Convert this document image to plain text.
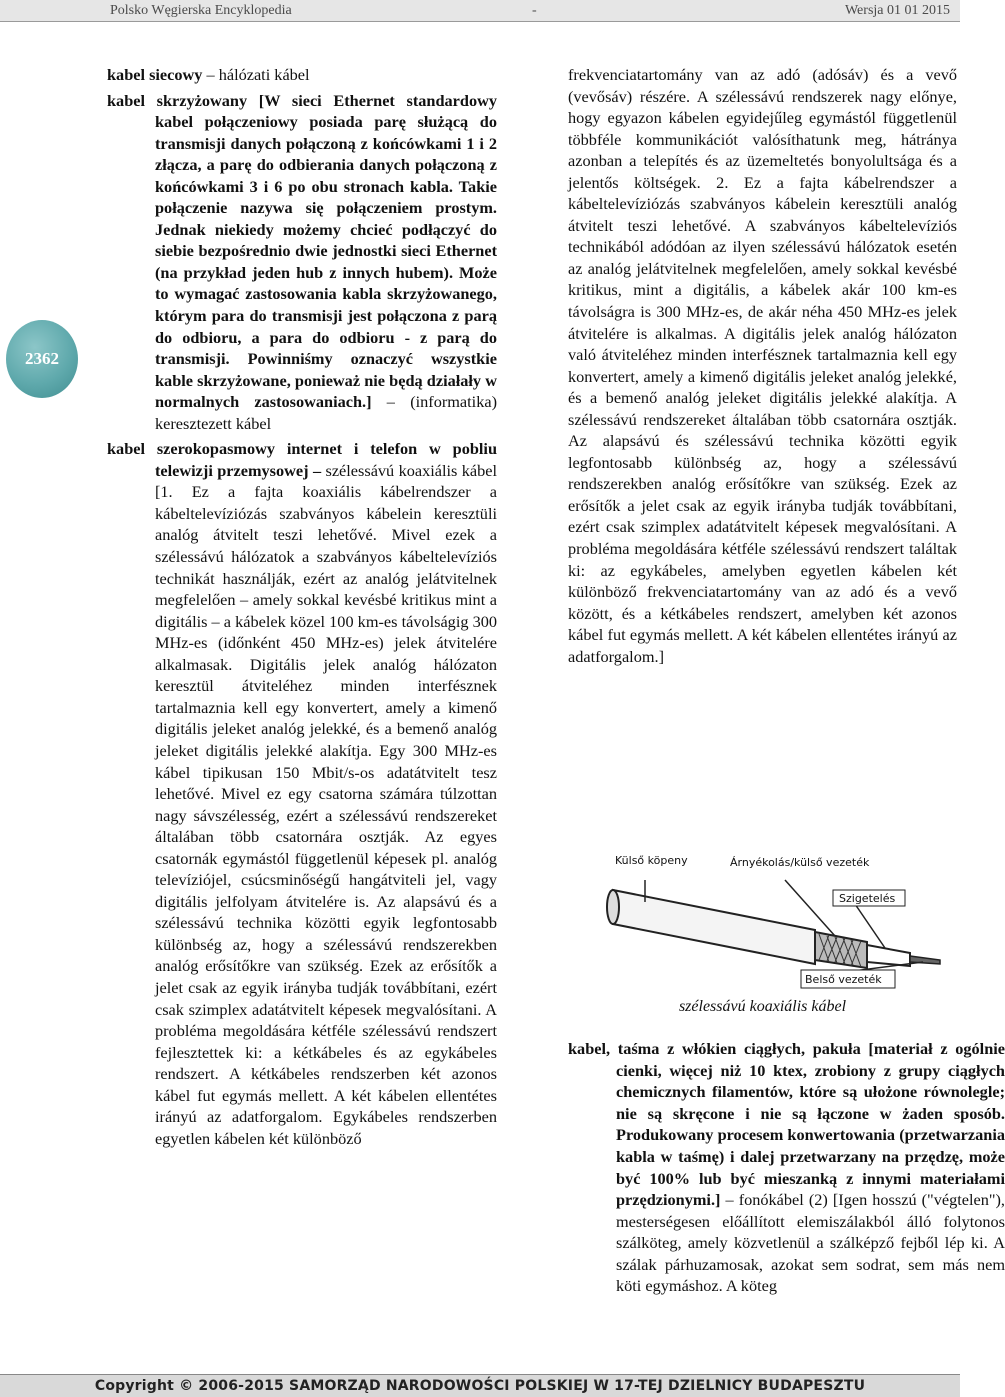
Polsko Węgierska Encyklopedia	-	Wersja 01 01 2015
2362

kabel siecowy – hálózati kábel

kabel skrzyżowany [W sieci Ethernet standardowy kabel połączeniowy posiada parę służącą do transmisji danych połączoną z końcówkami 1 i 2 złącza, a parę do odbierania danych połączoną z końcówkami 3 i 6 po obu stronach kabla. Takie połączenie nazywa się połączeniem prostym. Jednak niekiedy możemy chcieć podłączyć do siebie bezpośrednio dwie jednostki sieci Ethernet (na przykład jeden hub z innych hubem). Może to wymagać zastosowania kabla skrzyżowanego, którym para do transmisji jest połączona z parą do odbioru, a para do odbioru - z parą do transmisji. Powinniśmy oznaczyć wszystkie kable skrzyżowane, ponieważ nie będą działały w normalnych zastosowaniach.] – (informatika) keresztezett kábel

kabel szerokopasmowy internet i telefon w pobliu telewizji przemysowej – szélessávú koaxiális kábel [1. Ez a fajta koaxiális kábelrendszer a kábeltelevíziózás szabványos kábelein keresztüli analóg átvitelt teszi lehetővé. Mivel ezek a szélessávú hálózatok a szabványos kábeltelevíziós technikát használják, ezért az analóg jelátvitelnek megfelelően – amely sokkal kevésbé kritikus mint a digitális – a kábelek közel 100 km-es távolságig 300 MHz-es (időnként 450 MHz-es) jelek átvitelére alkalmasak. Digitális jelek analóg hálózaton keresztül átviteléhez minden interfésznek tartalmaznia kell egy konvertert, amely a kimenő digitális jeleket analóg jelekké, és a bemenő analóg jeleket digitális jelekké alakítja. Egy 300 MHz-es kábel tipikusan 150 Mbit/s-os adatátvitelt tesz lehetővé. Mivel ez egy csatorna számára túlzottan nagy sávszélesség, ezért a szélessávú rendszereket általában több csatornára osztják. Az egyes csatornák egymástól függetlenül képesek pl. analóg televíziójel, csúcsminőségű hangátviteli jel, vagy digitális jelfolyam átvitelére is. Az alapsávú és a szélessávú technika közötti egyik legfontosabb különbség az, hogy a szélessávú rendszerekben analóg erősítőkre van szükség. Ezek az erősítők a jelet csak az egyik irányba tudják továbbítani, ezért csak szimplex adatátvitelt képesek megvalósítani. A probléma megoldására kétféle szélessávú rendszert fejlesztettek ki: a kétkábeles és az egykábeles rendszert. A kétkábeles rendszerben két azonos kábel fut egymás mellett. A két kábelen ellentétes irányú az adatforgalom. Egykábeles rendszerben egyetlen kábelen két különböző

frekvenciatartomány van az adó (adósáv) és a vevő (vevősáv) részére. A szélessávú rendszerek nagy előnye, hogy egyazon kábelen egyidejűleg egymástól függetlenül többféle kommunikációt valósíthatunk meg, hátránya azonban a telepítés és az üzemeltetés bonyolultsága és a jelentős költségek. 2. Ez a fajta kábelrendszer a kábeltelevíziózás szabványos kábelein keresztüli analóg átvitelt teszi lehetővé. A szabványos kábeltelevíziós technikából adódóan az ilyen szélessávú hálózatok esetén az analóg jelátvitelnek megfelelően, amely sokkal kevésbé kritikus, mint a digitális, a kábelek akár 100 km-es távolságra is 300 MHz-es, de akár néha 450 MHz-es jelek átvitelére is alkalmas. A digitális jelek analóg hálózaton való átviteléhez minden interfésznek tartalmaznia kell egy konvertert, amely a kimenő digitális jeleket analóg jelekké, és a bemenő analóg jeleket digitális jelekké alakítja. A szélessávú rendszereket általában több csatornára osztják. Az alapsávú és szélessávú technika közötti egyik legfontosabb különbség az, hogy a szélessávú rendszerekben analóg erősítőkre van szükség. Ezek az erősítők a jelet csak az egyik irányba tudják továbbítani, ezért csak szimplex adatátvitelt képesek megvalósítani. A probléma megoldására kétféle szélessávú rendszert találtak ki: az egykábeles, amelyben egyetlen kábelen két különböző frekvenciatartomány van az adó és a vevő között, és a kétkábeles rendszert, amelyben két azonos kábel fut egymás mellett. A két kábelen ellentétes irányú az adatforgalom.]

Külső köpeny	Árnyékolás/külső vezeték
Szigetelés
Belső vezeték
szélessávú koaxiális kábel

kabel, taśma z włókien ciągłych, pakuła [materiał z ogólnie cienki, więcej niż 10 ktex, zrobiony z grupy ciągłych chemicznych filamentów, które są ułożone równolegle; nie są skręcone i nie są łączone w żaden sposób. Produkowany procesem konwertowania (przetwarzania kabla w taśmę) i dalej przetwarzany na przędzę, może być 100% lub być mieszanką z innymi materiałami przędzionymi.] – fonókábel (2) [Igen hosszú ("végtelen"), mesterségesen előállított elemiszálakból álló folytonos szálköteg, amely közvetlenül a szálképző fejből lép ki. A szálak párhuzamosak, azokat sem sodrat, sem más nem köti egymáshoz. A köteg

Copyright © 2006-2015 SAMORZĄD NARODOWOŚCI POLSKIEJ W 17-TEJ DZIELNICY BUDAPESZTU
